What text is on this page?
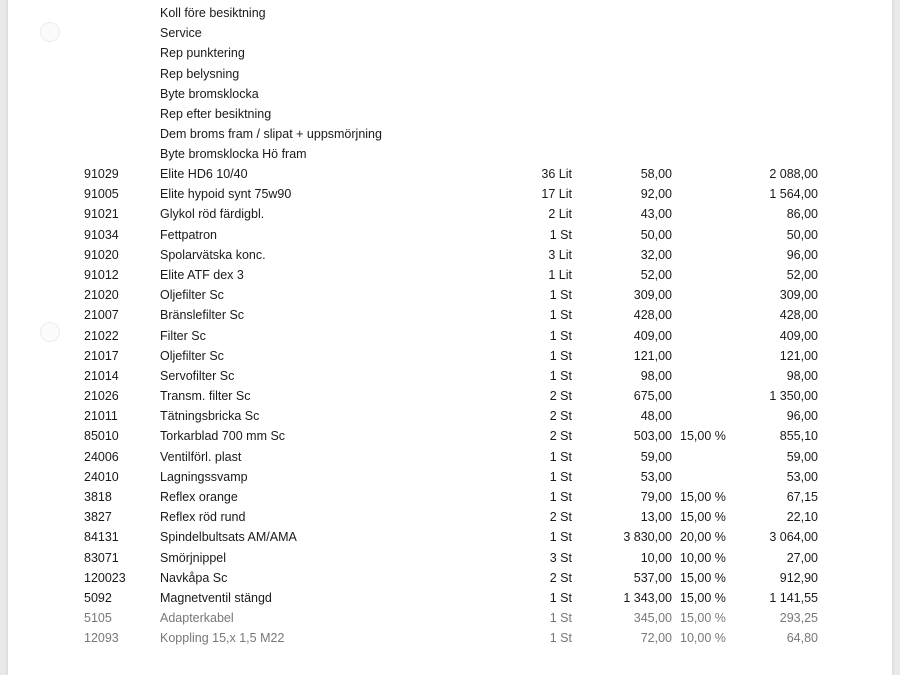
Koll före besiktning
Service
Rep punktering
Rep belysning
Byte bromsklocka
Rep efter besiktning
Dem broms fram / slipat + uppsmörjning
Byte bromsklocka Hö fram
91029	Elite HD6 10/40	36 Lit	58,00	2 088,00
91005	Elite hypoid synt 75w90	17 Lit	92,00	1 564,00
91021	Glykol röd färdigbl.	2 Lit	43,00	86,00
91034	Fettpatron	1 St	50,00	50,00
91020	Spolarvätska konc.	3 Lit	32,00	96,00
91012	Elite ATF dex 3	1 Lit	52,00	52,00
21020	Oljefilter Sc	1 St	309,00	309,00
21007	Bränslefilter Sc	1 St	428,00	428,00
21022	Filter Sc	1 St	409,00	409,00
21017	Oljefilter Sc	1 St	121,00	121,00
21014	Servofilter Sc	1 St	98,00	98,00
21026	Transm. filter Sc	2 St	675,00	1 350,00
21011	Tätningsbricka Sc	2 St	48,00	96,00
85010	Torkarblad 700 mm Sc	2 St	503,00 15,00 %	855,10
24006	Ventilförl. plast	1 St	59,00	59,00
24010	Lagningssvamp	1 St	53,00	53,00
3818	Reflex orange	1 St	79,00 15,00 %	67,15
3827	Reflex röd rund	2 St	13,00 15,00 %	22,10
84131	Spindelbultsats AM/AMA	1 St	3 830,00 20,00 %	3 064,00
83071	Smörjnippel	3 St	10,00 10,00 %	27,00
120023	Navkåpa Sc	2 St	537,00 15,00 %	912,90
5092	Magnetventil stängd	1 St	1 343,00 15,00 %	1 141,55
5105	Adapterkabel	1 St	345,00 15,00 %	293,25
12093	Koppling 15,x 1,5 M22	1 St	72,00 10,00 %	64,80
